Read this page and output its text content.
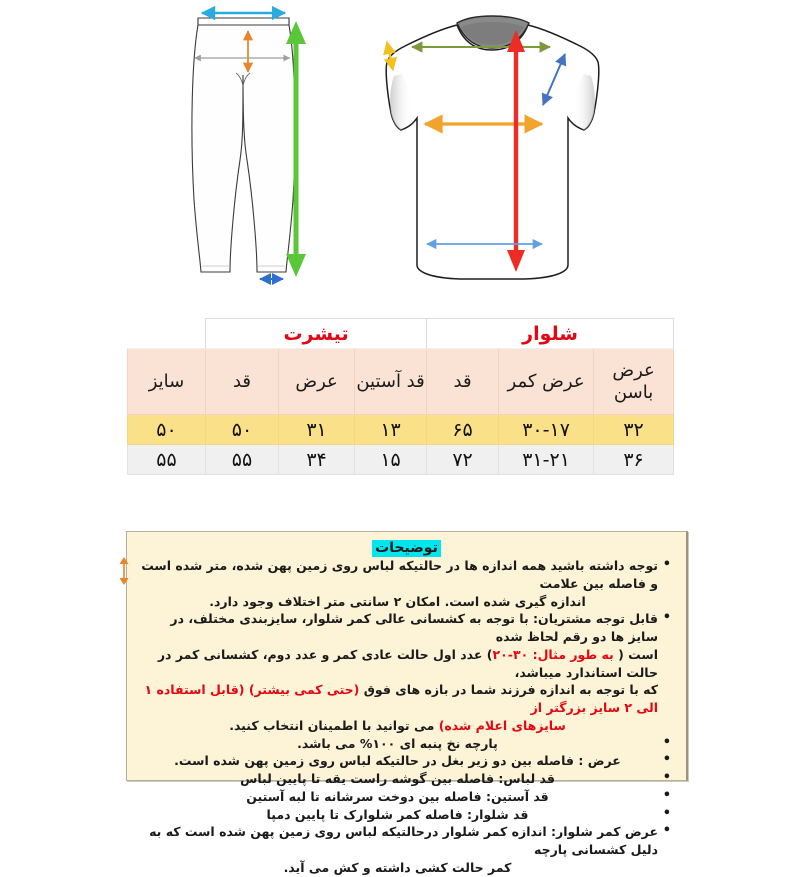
شلوار			تیشرت			
عرض باسن	عرض کمر	قد	قد آستین	عرض	قد	سایز
۳۲	۳۰-۱۷	۶۵	۱۳	۳۱	۵۰	۵۰
۳۶	۳۱-۲۱	۷۲	۱۵	۳۴	۵۵	۵۵
توضیحات
• توجه داشته باشید همه اندازه ها در حالتیکه لباس روی زمین پهن شده، متر شده است و فاصله بین علامت
اندازه گیری شده است. امکان ۲ سانتی متر اختلاف وجود دارد.
• قابل توجه مشتریان: با توجه به کشسانی عالی کمر شلوار، سایزبندی مختلف، در سایز ها دو رقم لحاظ شده
است ( به طور مثال: ۳۰-۲۰) عدد اول حالت عادی کمر و عدد دوم، کشسانی کمر در حالت استاندارد میباشد،
که با توجه به اندازه فرزند شما در بازه های فوق (حتی کمی بیشتر) (قابل استفاده ۱ الی ۲ سایز بزرگتر از
سایزهای اعلام شده) می توانید با اطمینان انتخاب کنید.
• پارچه نخ پنبه ای ۱۰۰% می باشد.
• عرض : فاصله بین دو زیر بغل در حالتیکه لباس روی زمین پهن شده است.
• قد لباس: فاصله بین گوشه راست یقه تا پایین لباس
• قد آستین: فاصله بین دوخت سرشانه تا لبه آستین
• قد شلوار: فاصله کمر شلوارک تا پایین دمپا
• عرض کمر شلوار: اندازه کمر شلوار درحالتیکه لباس روی زمین پهن شده است که به دلیل کشسانی پارچه
کمر حالت کشی داشته و کش می آید.
